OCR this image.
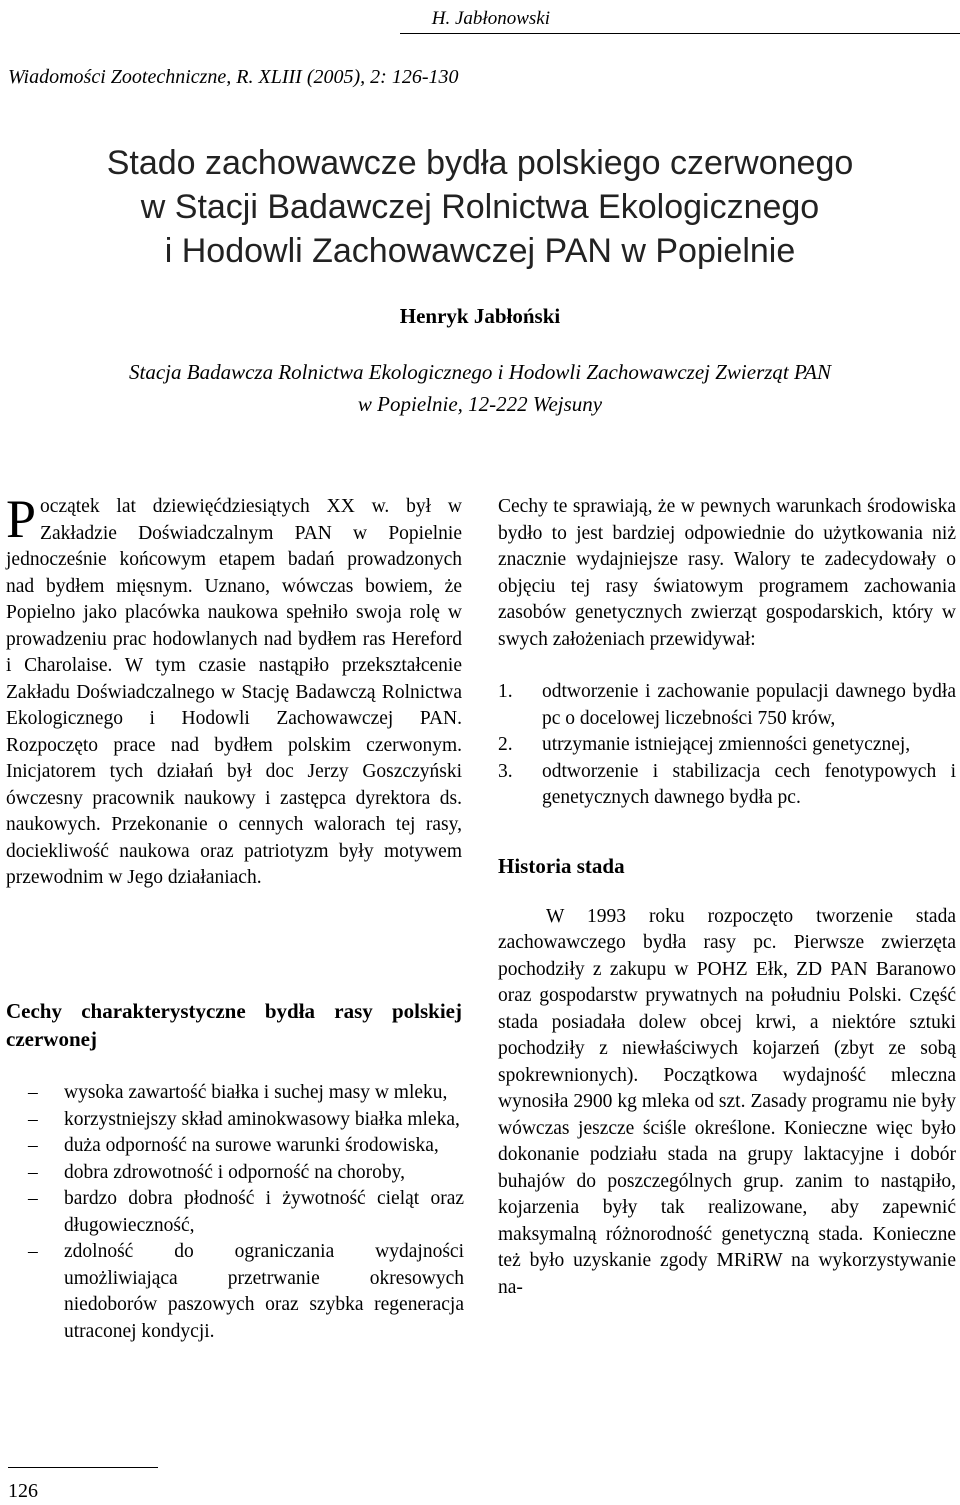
H. Jabłonowski
Wiadomości Zootechniczne, R. XLIII (2005), 2: 126-130
Stado zachowawcze bydła polskiego czerwonego
w Stacji Badawczej Rolnictwa Ekologicznego
i Hodowli Zachowawczej PAN w Popielnie
Henryk Jabłoński
Stacja Badawcza Rolnictwa Ekologicznego i Hodowli Zachowawczej Zwierząt PAN
w Popielnie, 12-222 Wejsuny

Początek lat dziewięćdziesiątych XX w. był w Zakładzie Doświadczalnym PAN w Popielnie jednocześnie końcowym etapem badań prowadzonych nad bydłem mięsnym. Uznano, wówczas bowiem, że Popielno jako placówka naukowa spełniło swoja rolę w prowadzeniu prac hodowlanych nad bydłem ras Hereford i Charolaise. W tym czasie nastąpiło przekształcenie Zakładu Doświadczalnego w Stację Badawczą Rolnictwa Ekologicznego i Hodowli Zachowawczej PAN. Rozpoczęto prace nad bydłem polskim czerwonym. Inicjatorem tych działań był doc Jerzy Goszczyński ówczesny pracownik naukowy i zastępca dyrektora ds. naukowych. Przekonanie o cennych walorach tej rasy, dociekliwość naukowa oraz patriotyzm były motywem przewodnim w Jego działaniach.

Cechy charakterystyczne bydła rasy polskiej czerwonej
–	wysoka zawartość białka i suchej masy w mleku,
–	korzystniejszy skład aminokwasowy białka mleka,
–	duża odporność na surowe warunki środowiska,
–	dobra zdrowotność i odporność na choroby,
–	bardzo dobra płodność i żywotność cieląt oraz długowieczność,
–	zdolność do ograniczania wydajności umożliwiająca przetrwanie okresowych niedoborów paszowych oraz szybka regeneracja utraconej kondycji.

Cechy te sprawiają, że w pewnych warunkach środowiska bydło to jest bardziej odpowiednie do użytkowania niż znacznie wydajniejsze rasy. Walory te zadecydowały o objęciu tej rasy światowym programem zachowania zasobów genetycznych zwierząt gospodarskich, który w swych założeniach przewidywał:

1. odtworzenie i zachowanie populacji dawnego bydła pc o docelowej liczebności 750 krów,
2. utrzymanie istniejącej zmienności genetycznej,
3. odtworzenie i stabilizacja cech fenotypowych i genetycznych dawnego bydła pc.
Historia stada

W 1993 roku rozpoczęto tworzenie stada zachowawczego bydła rasy pc. Pierwsze zwierzęta pochodziły z zakupu w POHZ Ełk, ZD PAN Baranowo oraz gospodarstw prywatnych na południu Polski. Część stada posiadała dolew obcej krwi, a niektóre sztuki pochodziły z niewłaściwych kojarzeń (zbyt ze sobą spokrewnionych). Początkowa wydajność mleczna wynosiła 2900 kg mleka od szt. Zasady programu nie były wówczas jeszcze ściśle określone. Konieczne więc było dokonanie podziału stada na grupy laktacyjne i dobór buhajów do poszczególnych grup. zanim to nastąpiło, kojarzenia były tak realizowane, aby zapewnić maksymalną różnorodność genetyczną stada. Konieczne też było uzyskanie zgody MRiRW na wykorzystywanie na-

126
